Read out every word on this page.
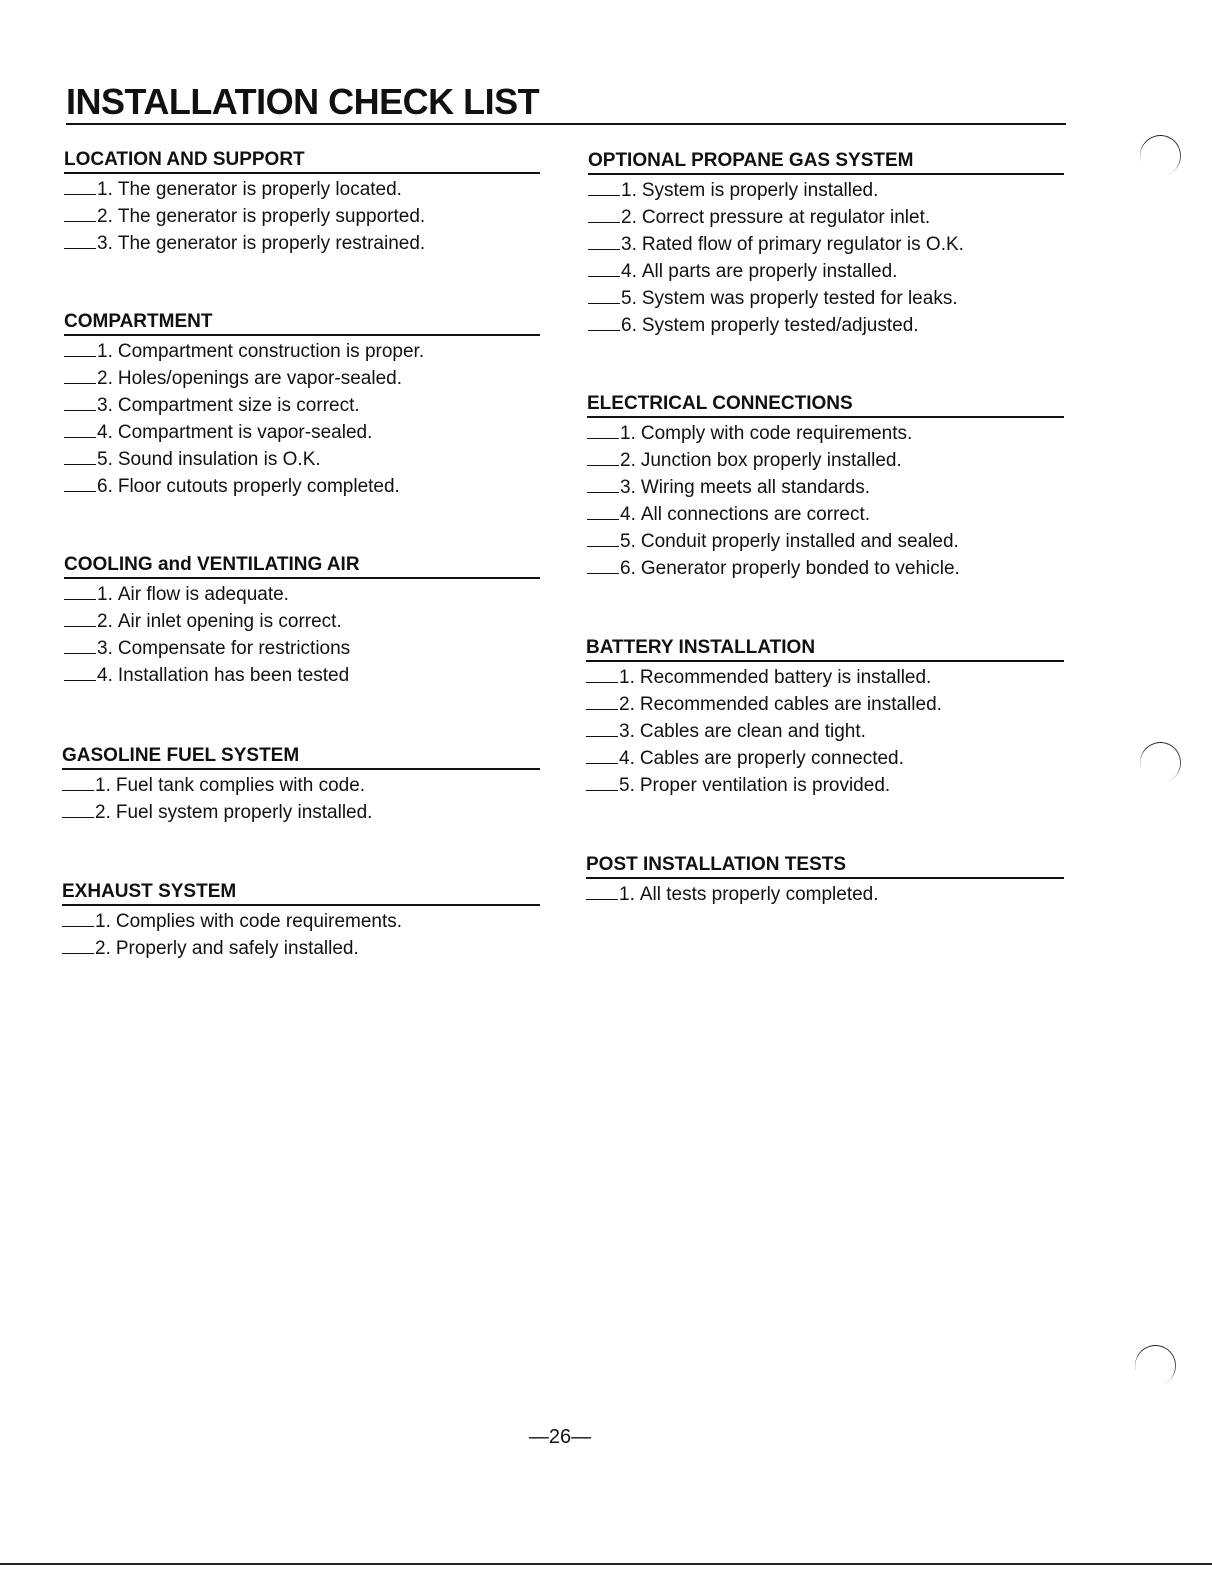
INSTALLATION CHECK LIST
LOCATION AND SUPPORT
1. The generator is properly located.
2. The generator is properly supported.
3. The generator is properly restrained.
COMPARTMENT
1. Compartment construction is proper.
2. Holes/openings are vapor-sealed.
3. Compartment size is correct.
4. Compartment is vapor-sealed.
5. Sound insulation is O.K.
6. Floor cutouts properly completed.
COOLING and VENTILATING AIR
1. Air flow is adequate.
2. Air inlet opening is correct.
3. Compensate for restrictions
4. Installation has been tested
GASOLINE FUEL SYSTEM
1. Fuel tank complies with code.
2. Fuel system properly installed.
EXHAUST SYSTEM
1. Complies with code requirements.
2. Properly and safely installed.
OPTIONAL PROPANE GAS SYSTEM
1. System is properly installed.
2. Correct pressure at regulator inlet.
3. Rated flow of primary regulator is O.K.
4. All parts are properly installed.
5. System was properly tested for leaks.
6. System properly tested/adjusted.
ELECTRICAL CONNECTIONS
1. Comply with code requirements.
2. Junction box properly installed.
3. Wiring meets all standards.
4. All connections are correct.
5. Conduit properly installed and sealed.
6. Generator properly bonded to vehicle.
BATTERY INSTALLATION
1. Recommended battery is installed.
2. Recommended cables are installed.
3. Cables are clean and tight.
4. Cables are properly connected.
5. Proper ventilation is provided.
POST INSTALLATION TESTS
1. All tests properly completed.
—26—
